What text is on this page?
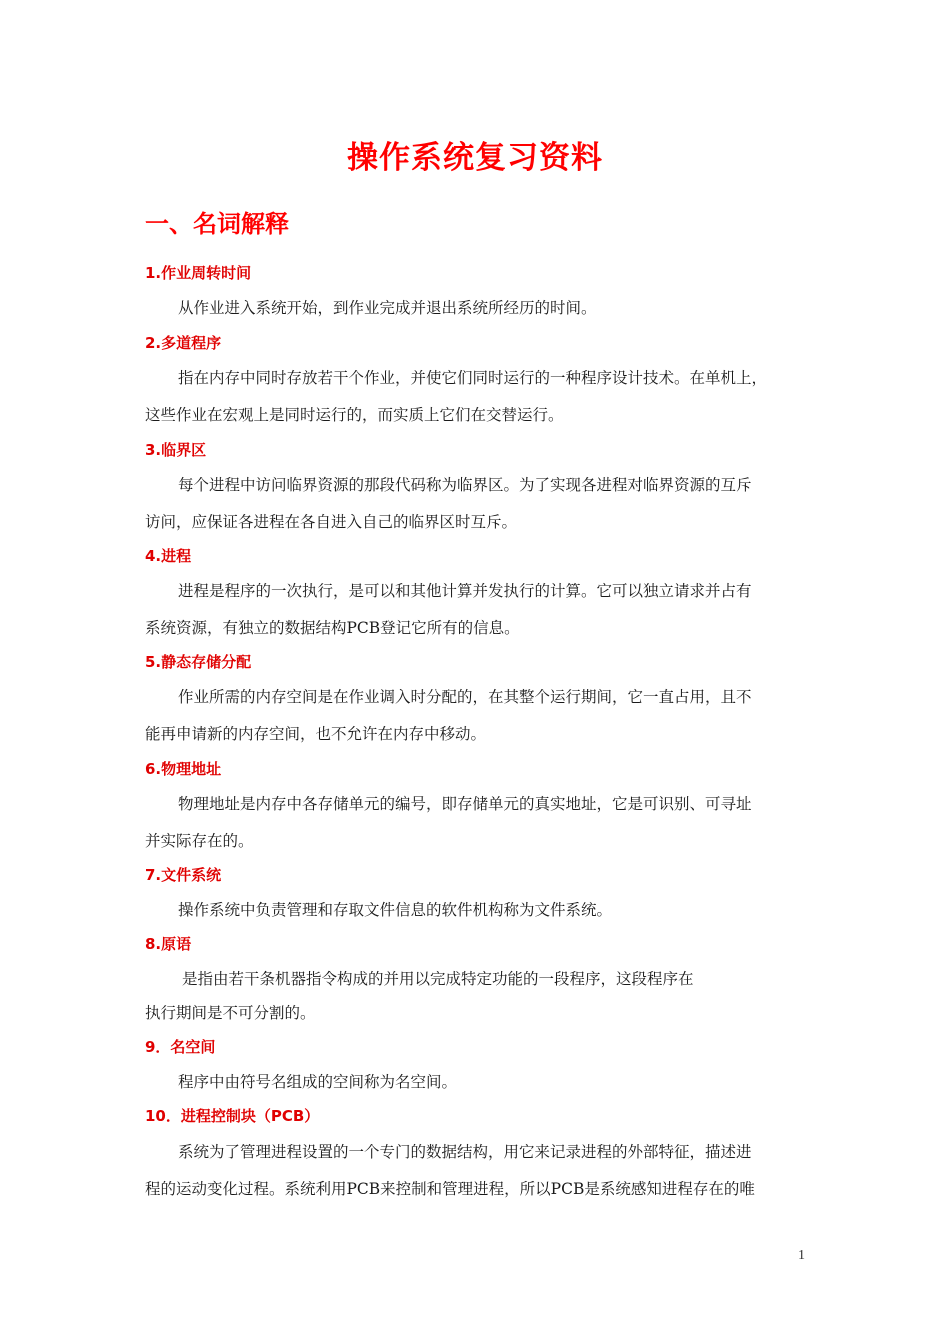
操作系统复习资料
一、名词解释
1.作业周转时间
从作业进入系统开始，到作业完成并退出系统所经历的时间。
2.多道程序
指在内存中同时存放若干个作业，并使它们同时运行的一种程序设计技术。在单机上，
这些作业在宏观上是同时运行的，而实质上它们在交替运行。
3.临界区
每个进程中访问临界资源的那段代码称为临界区。为了实现各进程对临界资源的互斥
访问，应保证各进程在各自进入自己的临界区时互斥。
4.进程
进程是程序的一次执行，是可以和其他计算并发执行的计算。它可以独立请求并占有
系统资源，有独立的数据结构PCB登记它所有的信息。
5.静态存储分配
作业所需的内存空间是在作业调入时分配的，在其整个运行期间，它一直占用，且不
能再申请新的内存空间，也不允许在内存中移动。
6.物理地址
物理地址是内存中各存储单元的编号，即存储单元的真实地址，它是可识别、可寻址
并实际存在的。
7.文件系统
操作系统中负责管理和存取文件信息的软件机构称为文件系统。
8.原语
是指由若干条机器指令构成的并用以完成特定功能的一段程序，这段程序在
执行期间是不可分割的。
9．名空间
程序中由符号名组成的空间称为名空间。
10．进程控制块（PCB）
系统为了管理进程设置的一个专门的数据结构，用它来记录进程的外部特征，描述进
程的运动变化过程。系统利用PCB来控制和管理进程，所以PCB是系统感知进程存在的唯
1
